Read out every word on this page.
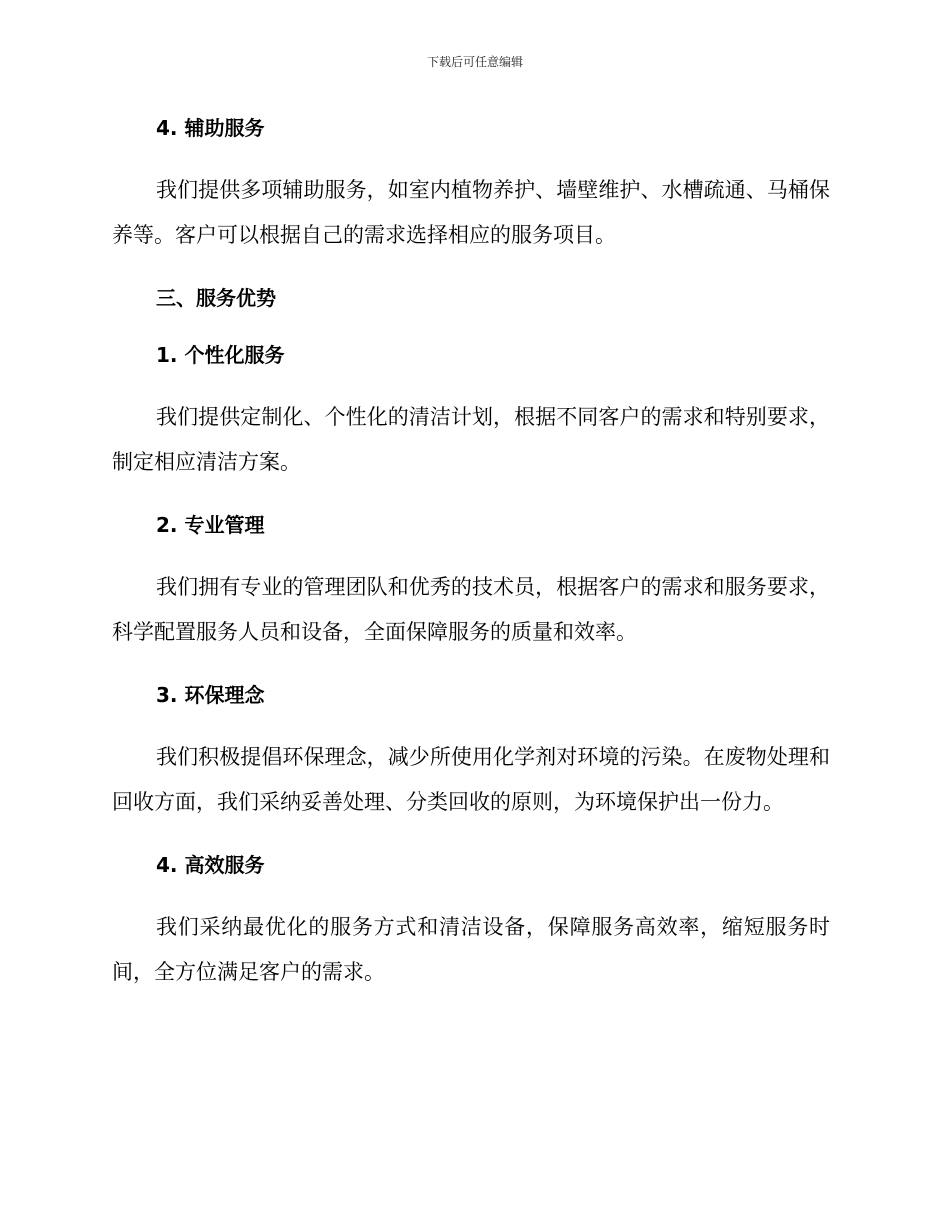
下载后可任意编辑
4. 辅助服务

我们提供多项辅助服务，如室内植物养护、墙壁维护、水槽疏通、马桶保养等。客户可以根据自己的需求选择相应的服务项目。

三、服务优势
1. 个性化服务

我们提供定制化、个性化的清洁计划，根据不同客户的需求和特别要求，制定相应清洁方案。

2. 专业管理

我们拥有专业的管理团队和优秀的技术员，根据客户的需求和服务要求，科学配置服务人员和设备，全面保障服务的质量和效率。

3. 环保理念

我们积极提倡环保理念，减少所使用化学剂对环境的污染。在废物处理和回收方面，我们采纳妥善处理、分类回收的原则，为环境保护出一份力。

4. 高效服务

我们采纳最优化的服务方式和清洁设备，保障服务高效率，缩短服务时间，全方位满足客户的需求。
